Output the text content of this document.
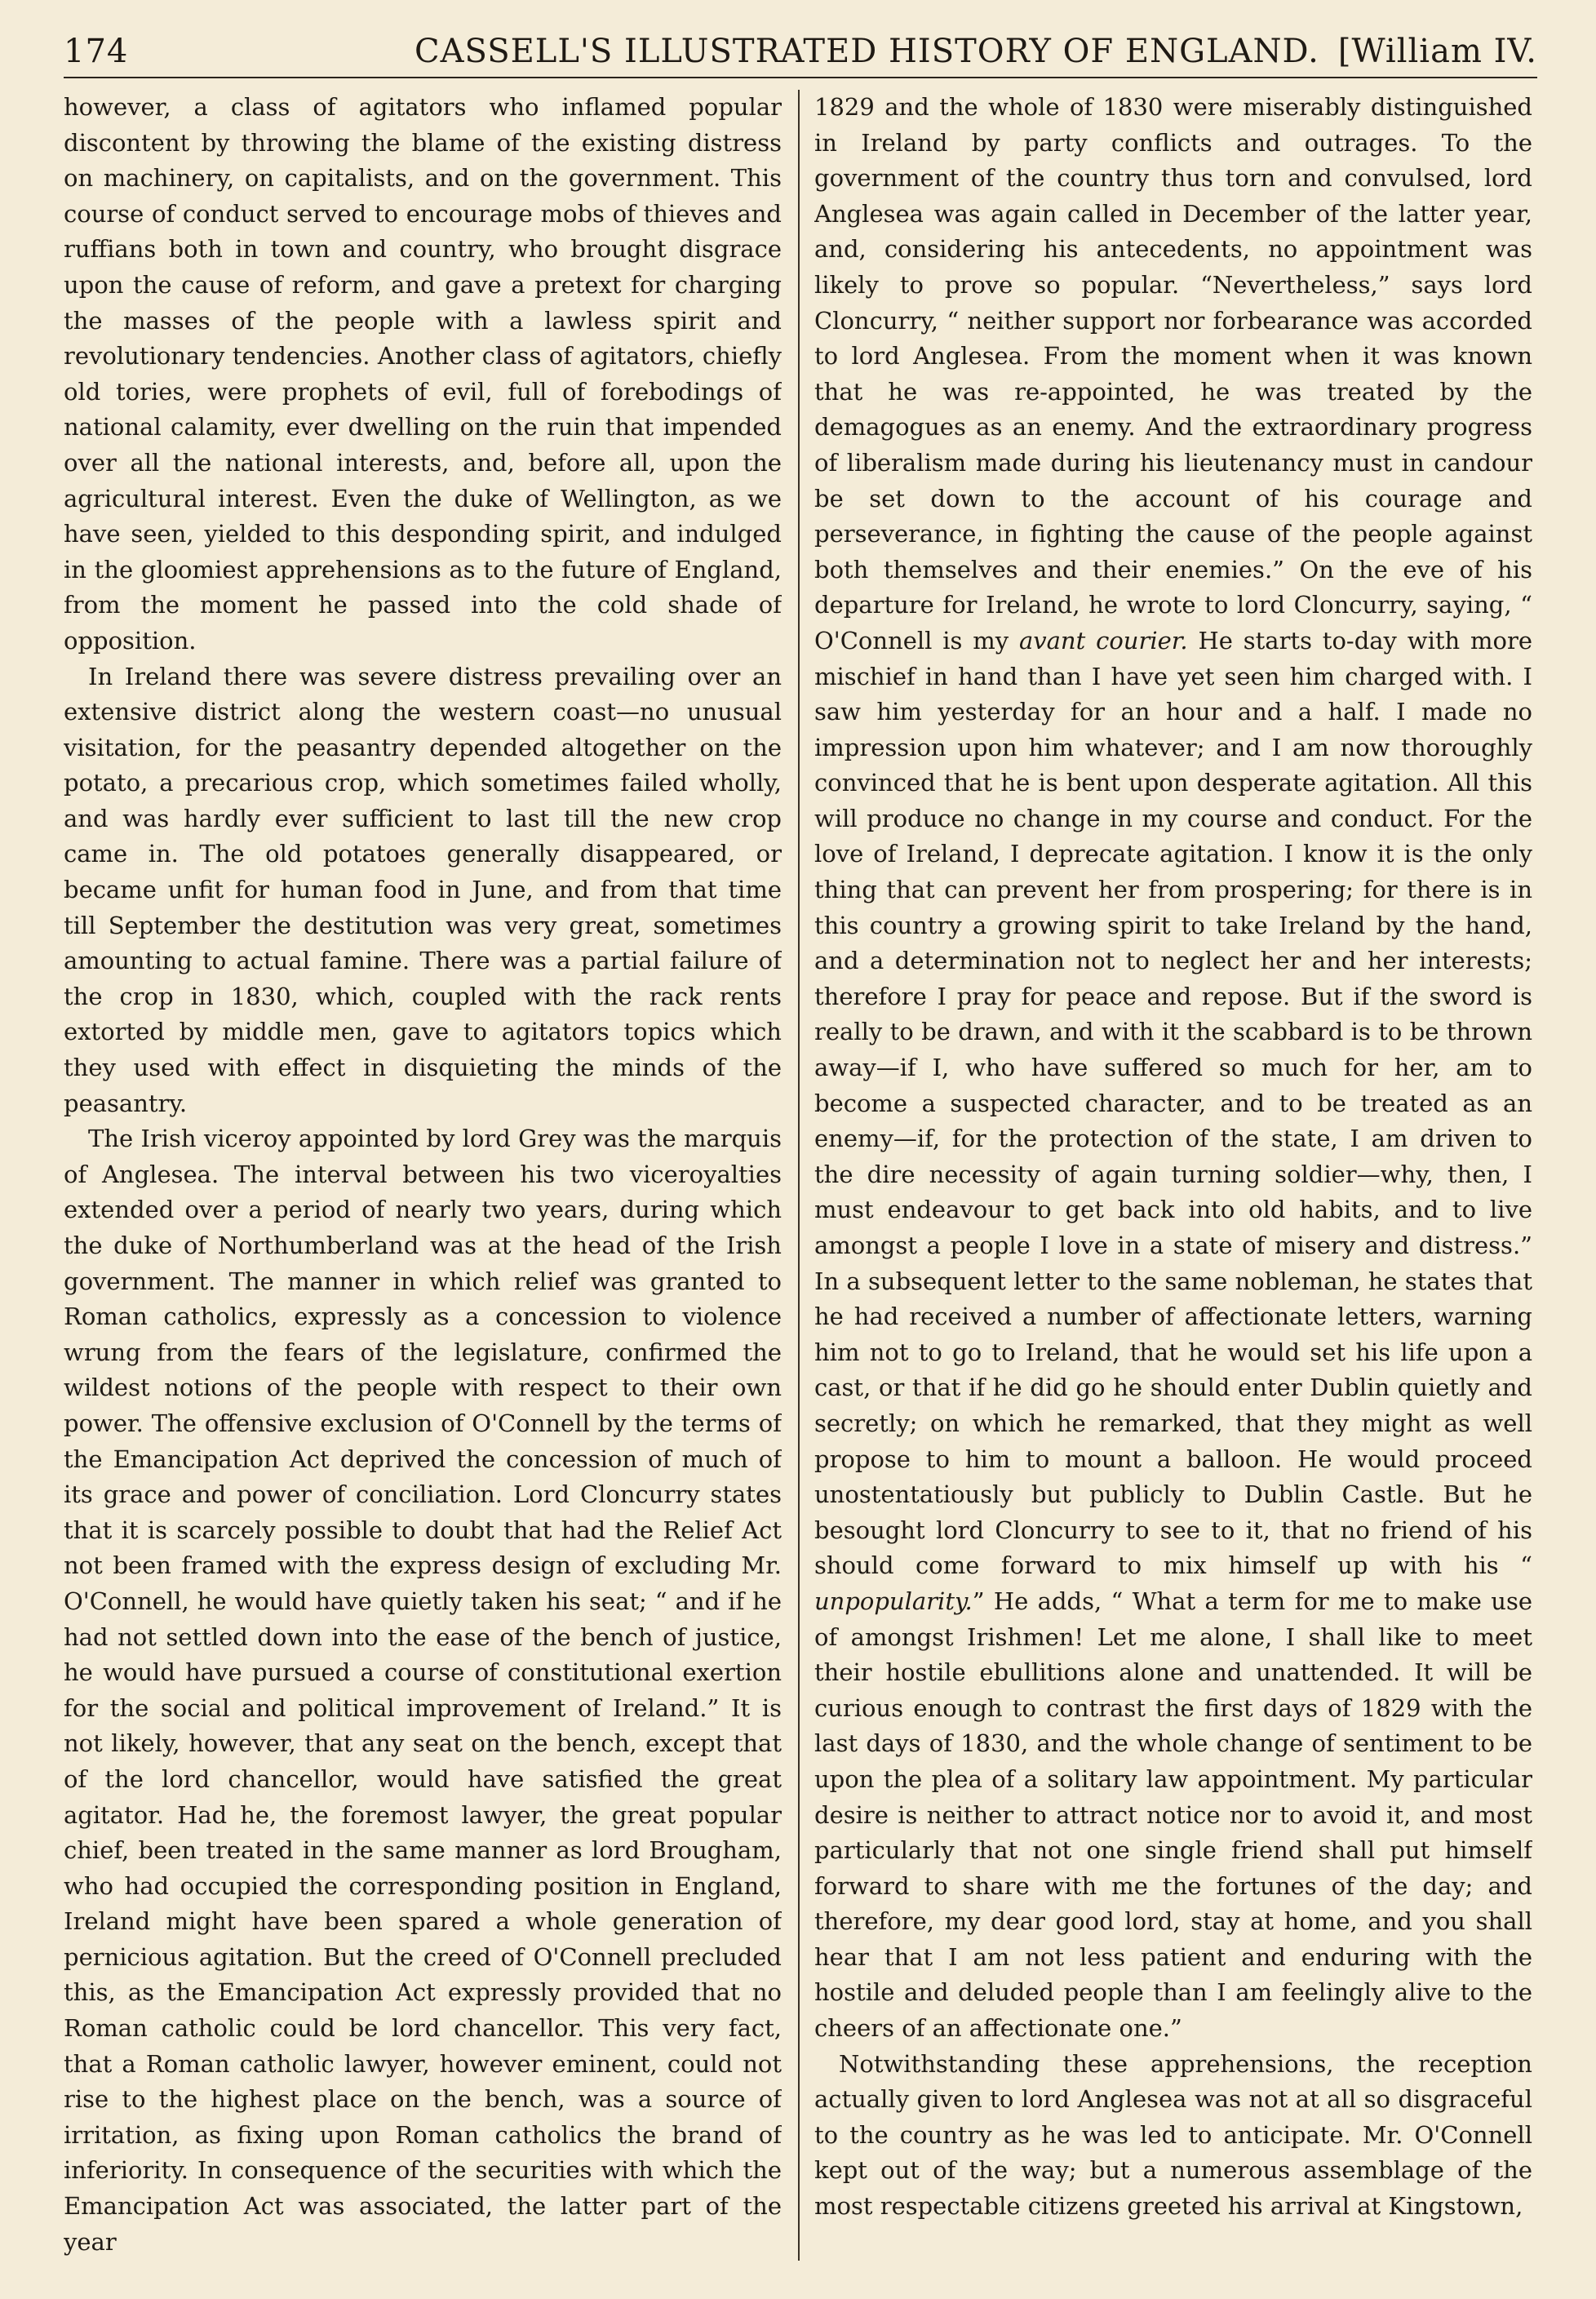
174	CASSELL'S ILLUSTRATED HISTORY OF ENGLAND. [William IV.

however, a class of agitators who inflamed popular discontent by throwing the blame of the existing distress on machinery, on capitalists, and on the government. This course of conduct served to encourage mobs of thieves and ruffians both in town and country, who brought disgrace upon the cause of reform, and gave a pretext for charging the masses of the people with a lawless spirit and revolutionary tendencies. Another class of agitators, chiefly old tories, were prophets of evil, full of forebodings of national calamity, ever dwelling on the ruin that impended over all the national interests, and, before all, upon the agricultural interest. Even the duke of Wellington, as we have seen, yielded to this desponding spirit, and indulged in the gloomiest apprehensions as to the future of England, from the moment he passed into the cold shade of opposition.

In Ireland there was severe distress prevailing over an extensive district along the western coast—no unusual visitation, for the peasantry depended altogether on the potato, a precarious crop, which sometimes failed wholly, and was hardly ever sufficient to last till the new crop came in. The old potatoes generally disappeared, or became unfit for human food in June, and from that time till September the destitution was very great, sometimes amounting to actual famine. There was a partial failure of the crop in 1830, which, coupled with the rack rents extorted by middle men, gave to agitators topics which they used with effect in disquieting the minds of the peasantry.

The Irish viceroy appointed by lord Grey was the marquis of Anglesea. The interval between his two viceroyalties extended over a period of nearly two years, during which the duke of Northumberland was at the head of the Irish government. The manner in which relief was granted to Roman catholics, expressly as a concession to violence wrung from the fears of the legislature, confirmed the wildest notions of the people with respect to their own power. The offensive exclusion of O'Connell by the terms of the Emancipation Act deprived the concession of much of its grace and power of conciliation. Lord Cloncurry states that it is scarcely possible to doubt that had the Relief Act not been framed with the express design of excluding Mr. O'Connell, he would have quietly taken his seat; “ and if he had not settled down into the ease of the bench of justice, he would have pursued a course of constitutional exertion for the social and political improvement of Ireland.” It is not likely, however, that any seat on the bench, except that of the lord chancellor, would have satisfied the great agitator. Had he, the foremost lawyer, the great popular chief, been treated in the same manner as lord Brougham, who had occupied the corresponding position in England, Ireland might have been spared a whole generation of pernicious agitation. But the creed of O'Connell precluded this, as the Emancipation Act expressly provided that no Roman catholic could be lord chancellor. This very fact, that a Roman catholic lawyer, however eminent, could not rise to the highest place on the bench, was a source of irritation, as fixing upon Roman catholics the brand of inferiority. In consequence of the securities with which the Emancipation Act was associated, the latter part of the year

1829 and the whole of 1830 were miserably distinguished in Ireland by party conflicts and outrages. To the government of the country thus torn and convulsed, lord Anglesea was again called in December of the latter year, and, considering his antecedents, no appointment was likely to prove so popular. “Nevertheless,” says lord Cloncurry, “ neither support nor forbearance was accorded to lord Anglesea. From the moment when it was known that he was re-appointed, he was treated by the demagogues as an enemy. And the extraordinary progress of liberalism made during his lieutenancy must in candour be set down to the account of his courage and perseverance, in fighting the cause of the people against both themselves and their enemies.” On the eve of his departure for Ireland, he wrote to lord Cloncurry, saying, “ O'Connell is my avant courier. He starts to-day with more mischief in hand than I have yet seen him charged with. I saw him yesterday for an hour and a half. I made no impression upon him whatever; and I am now thoroughly convinced that he is bent upon desperate agitation. All this will produce no change in my course and conduct. For the love of Ireland, I deprecate agitation. I know it is the only thing that can prevent her from prospering; for there is in this country a growing spirit to take Ireland by the hand, and a determination not to neglect her and her interests; therefore I pray for peace and repose. But if the sword is really to be drawn, and with it the scabbard is to be thrown away—if I, who have suffered so much for her, am to become a suspected character, and to be treated as an enemy—if, for the protection of the state, I am driven to the dire necessity of again turning soldier—why, then, I must endeavour to get back into old habits, and to live amongst a people I love in a state of misery and distress.” In a subsequent letter to the same nobleman, he states that he had received a number of affectionate letters, warning him not to go to Ireland, that he would set his life upon a cast, or that if he did go he should enter Dublin quietly and secretly; on which he remarked, that they might as well propose to him to mount a balloon. He would proceed unostentatiously but publicly to Dublin Castle. But he besought lord Cloncurry to see to it, that no friend of his should come forward to mix himself up with his “ unpopularity.” He adds, “ What a term for me to make use of amongst Irishmen! Let me alone, I shall like to meet their hostile ebullitions alone and unattended. It will be curious enough to contrast the first days of 1829 with the last days of 1830, and the whole change of sentiment to be upon the plea of a solitary law appointment. My particular desire is neither to attract notice nor to avoid it, and most particularly that not one single friend shall put himself forward to share with me the fortunes of the day; and therefore, my dear good lord, stay at home, and you shall hear that I am not less patient and enduring with the hostile and deluded people than I am feelingly alive to the cheers of an affectionate one.”

Notwithstanding these apprehensions, the reception actually given to lord Anglesea was not at all so disgraceful to the country as he was led to anticipate. Mr. O'Connell kept out of the way; but a numerous assemblage of the most respectable citizens greeted his arrival at Kingstown,
